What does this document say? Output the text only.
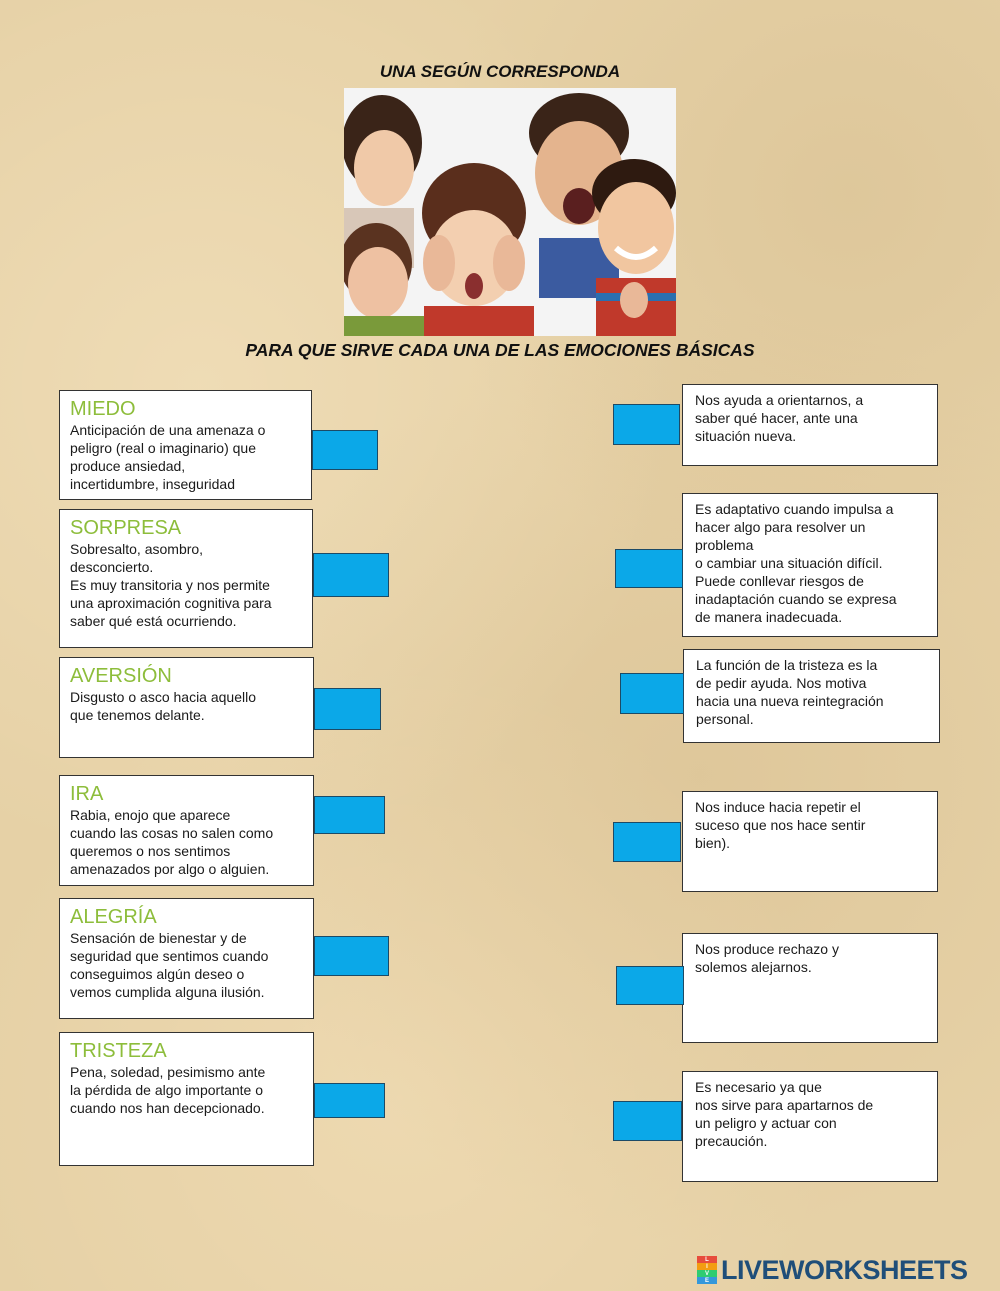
UNA SEGÚN CORRESPONDA
PARA QUE SIRVE CADA UNA DE LAS EMOCIONES BÁSICAS
MIEDO
Anticipación de una amenaza o
peligro (real o imaginario) que
produce ansiedad,
incertidumbre, inseguridad
SORPRESA
Sobresalto, asombro,
desconcierto.
Es muy transitoria y nos permite
una aproximación cognitiva para
saber qué está ocurriendo.
AVERSIÓN
Disgusto o asco hacia aquello
que tenemos delante.
IRA
Rabia, enojo que aparece
cuando las cosas no salen como
queremos o nos sentimos
amenazados por algo o alguien.
ALEGRÍA
Sensación de bienestar y de
seguridad que sentimos cuando
conseguimos algún deseo o
vemos cumplida alguna ilusión.
TRISTEZA
Pena, soledad, pesimismo ante
la pérdida de algo importante o
cuando nos han decepcionado.
Nos ayuda a orientarnos, a
saber qué hacer, ante una
situación nueva.
Es adaptativo cuando impulsa a
hacer algo para resolver un
problema
o cambiar una situación difícil.
Puede conllevar riesgos de
inadaptación cuando se expresa
de manera inadecuada.
La función de la tristeza es la
de pedir ayuda. Nos motiva
hacia una nueva reintegración
personal.
Nos induce hacia repetir el
suceso que nos hace sentir
bien).
Nos produce rechazo y
solemos alejarnos.
Es necesario ya que
nos sirve para apartarnos de
un peligro y actuar con
precaución.
L
I
V
E LIVEWORKSHEETS
